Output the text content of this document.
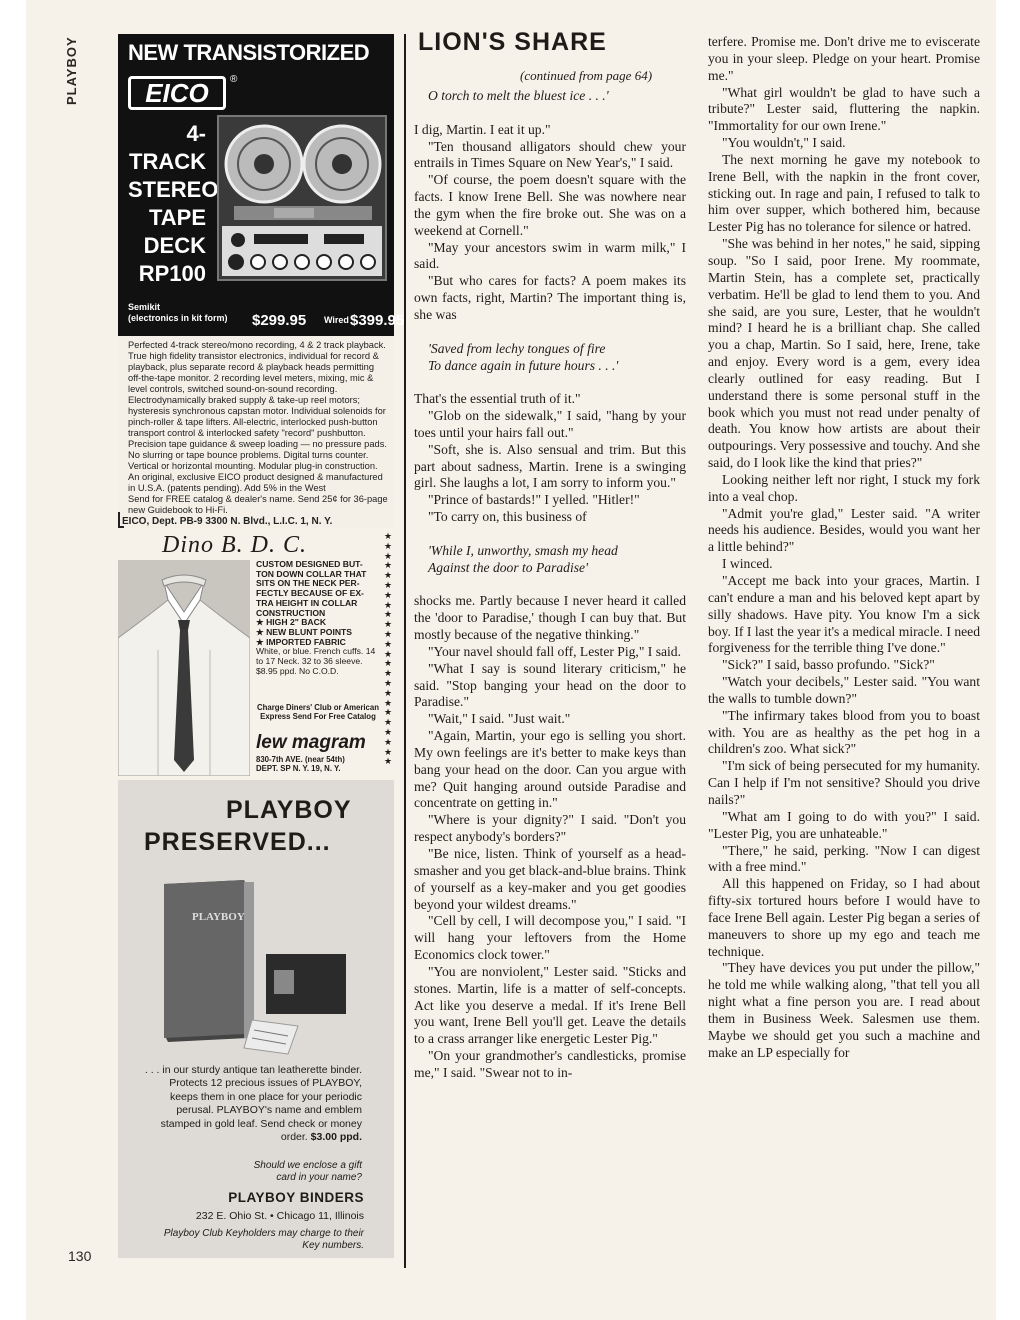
PLAYBOY	NEW TRANSISTORIZED
EICO	®
4-TRACK
STEREO
TAPE
DECK
RP100
Semikit
(electronics in kit form) $299.95 Wired $399.95
Perfected 4-track stereo/mono recording, 4 & 2 track playback. True high fidelity transistor electronics, individual for record & playback, plus separate record & playback heads permitting off-the-tape monitor. 2 recording level meters, mixing, mic & level controls, switched sound-on-sound recording. Electrodynamically braked supply & take-up reel motors; hysteresis synchronous capstan motor. Individual solenoids for pinch-roller & tape lifters. All-electric, interlocked push-button transport control & interlocked safety "record" pushbutton. Precision tape guidance & sweep loading — no pressure pads. No slurring or tape bounce problems. Digital turns counter. Vertical or horizontal mounting. Modular plug-in construction. An original, exclusive EICO product designed & manufactured in U.S.A. (patents pending). Add 5% in the West
Send for FREE catalog & dealer's name. Send 25¢ for 36-page new Guidebook to Hi-Fi.
EICO, Dept. PB-9 3300 N. Blvd., L.I.C. 1, N. Y.
Dino B. D. C.	★
★
★
★
★
★
★
★
★
★
★
★
★
★
★
★
★
★
★
★
★
★
★
★
CUSTOM DESIGNED BUT-
TON DOWN COLLAR THAT
SITS ON THE NECK PER-
FECTLY BECAUSE OF EX-
TRA HEIGHT IN COLLAR
CONSTRUCTION
★ HIGH 2" BACK
★ NEW BLUNT POINTS
★ IMPORTED FABRIC
White, or blue. French cuffs. 14 to 17 Neck. 32 to 36 sleeve. $8.95 ppd. No C.O.D.
Charge Diners' Club or American Express Send For Free Catalog
lew magram
830-7th AVE. (near 54th)
DEPT. SP N. Y. 19, N. Y.
PLAYBOY
PRESERVED...
PLAYBOY
. . . in our sturdy antique tan leatherette binder. Protects 12 precious issues of PLAYBOY, keeps them in one place for your periodic perusal. PLAYBOY's name and emblem stamped in gold leaf. Send check or money order. $3.00 ppd.
Should we enclose a gift card in your name?
PLAYBOY BINDERS
232 E. Ohio St. • Chicago 11, Illinois
Playboy Club Keyholders may charge to their Key numbers.
130
LION'S SHARE
(continued from page 64)

O torch to melt the bluest ice . . .'

I dig, Martin. I eat it up."

"Ten thousand alligators should chew your entrails in Times Square on New Year's," I said.

"Of course, the poem doesn't square with the facts. I know Irene Bell. She was nowhere near the gym when the fire broke out. She was on a weekend at Cornell."

"May your ancestors swim in warm milk," I said.

"But who cares for facts? A poem makes its own facts, right, Martin? The important thing is, she was

'Saved from lechy tongues of fire

To dance again in future hours . . .'

That's the essential truth of it."

"Glob on the sidewalk," I said, "hang by your toes until your hairs fall out."

"Soft, she is. Also sensual and trim. But this part about sadness, Martin. Irene is a swinging girl. She laughs a lot, I am sorry to inform you."

"Prince of bastards!" I yelled. "Hitler!"

"To carry on, this business of

'While I, unworthy, smash my head

Against the door to Paradise'

shocks me. Partly because I never heard it called the 'door to Paradise,' though I can buy that. But mostly because of the negative thinking."

"Your navel should fall off, Lester Pig," I said.

"What I say is sound literary criticism," he said. "Stop banging your head on the door to Paradise."

"Wait," I said. "Just wait."

"Again, Martin, your ego is selling you short. My own feelings are it's better to make keys than bang your head on the door. Can you argue with me? Quit hanging around outside Paradise and concentrate on getting in."

"Where is your dignity?" I said. "Don't you respect anybody's borders?"

"Be nice, listen. Think of yourself as a head-smasher and you get black-and-blue brains. Think of yourself as a key-maker and you get goodies beyond your wildest dreams."

"Cell by cell, I will decompose you," I said. "I will hang your leftovers from the Home Economics clock tower."

"You are nonviolent," Lester said. "Sticks and stones. Martin, life is a matter of self-concepts. Act like you deserve a medal. If it's Irene Bell you want, Irene Bell you'll get. Leave the details to a crass arranger like energetic Lester Pig."

"On your grandmother's candlesticks, promise me," I said. "Swear not to in-

terfere. Promise me. Don't drive me to eviscerate you in your sleep. Pledge on your heart. Promise me."

"What girl wouldn't be glad to have such a tribute?" Lester said, fluttering the napkin. "Immortality for our own Irene."

"You wouldn't," I said.

The next morning he gave my notebook to Irene Bell, with the napkin in the front cover, sticking out. In rage and pain, I refused to talk to him over supper, which bothered him, because Lester Pig has no tolerance for silence or hatred.

"She was behind in her notes," he said, sipping soup. "So I said, poor Irene. My roommate, Martin Stein, has a complete set, practically verbatim. He'll be glad to lend them to you. And she said, are you sure, Lester, that he wouldn't mind? I heard he is a brilliant chap. She called you a chap, Martin. So I said, here, Irene, take and enjoy. Every word is a gem, every idea clearly outlined for easy reading. But I understand there is some personal stuff in the book which you must not read under penalty of death. You know how artists are about their outpourings. Very possessive and touchy. And she said, do I look like the kind that pries?"

Looking neither left nor right, I stuck my fork into a veal chop.

"Admit you're glad," Lester said. "A writer needs his audience. Besides, would you want her a little behind?"

I winced.

"Accept me back into your graces, Martin. I can't endure a man and his beloved kept apart by silly shadows. Have pity. You know I'm a sick boy. If I last the year it's a medical miracle. I need forgiveness for the terrible thing I've done."

"Sick?" I said, basso profundo. "Sick?"

"Watch your decibels," Lester said. "You want the walls to tumble down?"

"The infirmary takes blood from you to boast with. You are as healthy as the pet hog in a children's zoo. What sick?"

"I'm sick of being persecuted for my humanity. Can I help if I'm not sensitive? Should you drive nails?"

"What am I going to do with you?" I said. "Lester Pig, you are unhateable."

"There," he said, perking. "Now I can digest with a free mind."

All this happened on Friday, so I had about fifty-six tortured hours before I would have to face Irene Bell again. Lester Pig began a series of maneuvers to shore up my ego and teach me technique.

"They have devices you put under the pillow," he told me while walking along, "that tell you all night what a fine person you are. I read about them in Business Week. Salesmen use them. Maybe we should get you such a machine and make an LP especially for
